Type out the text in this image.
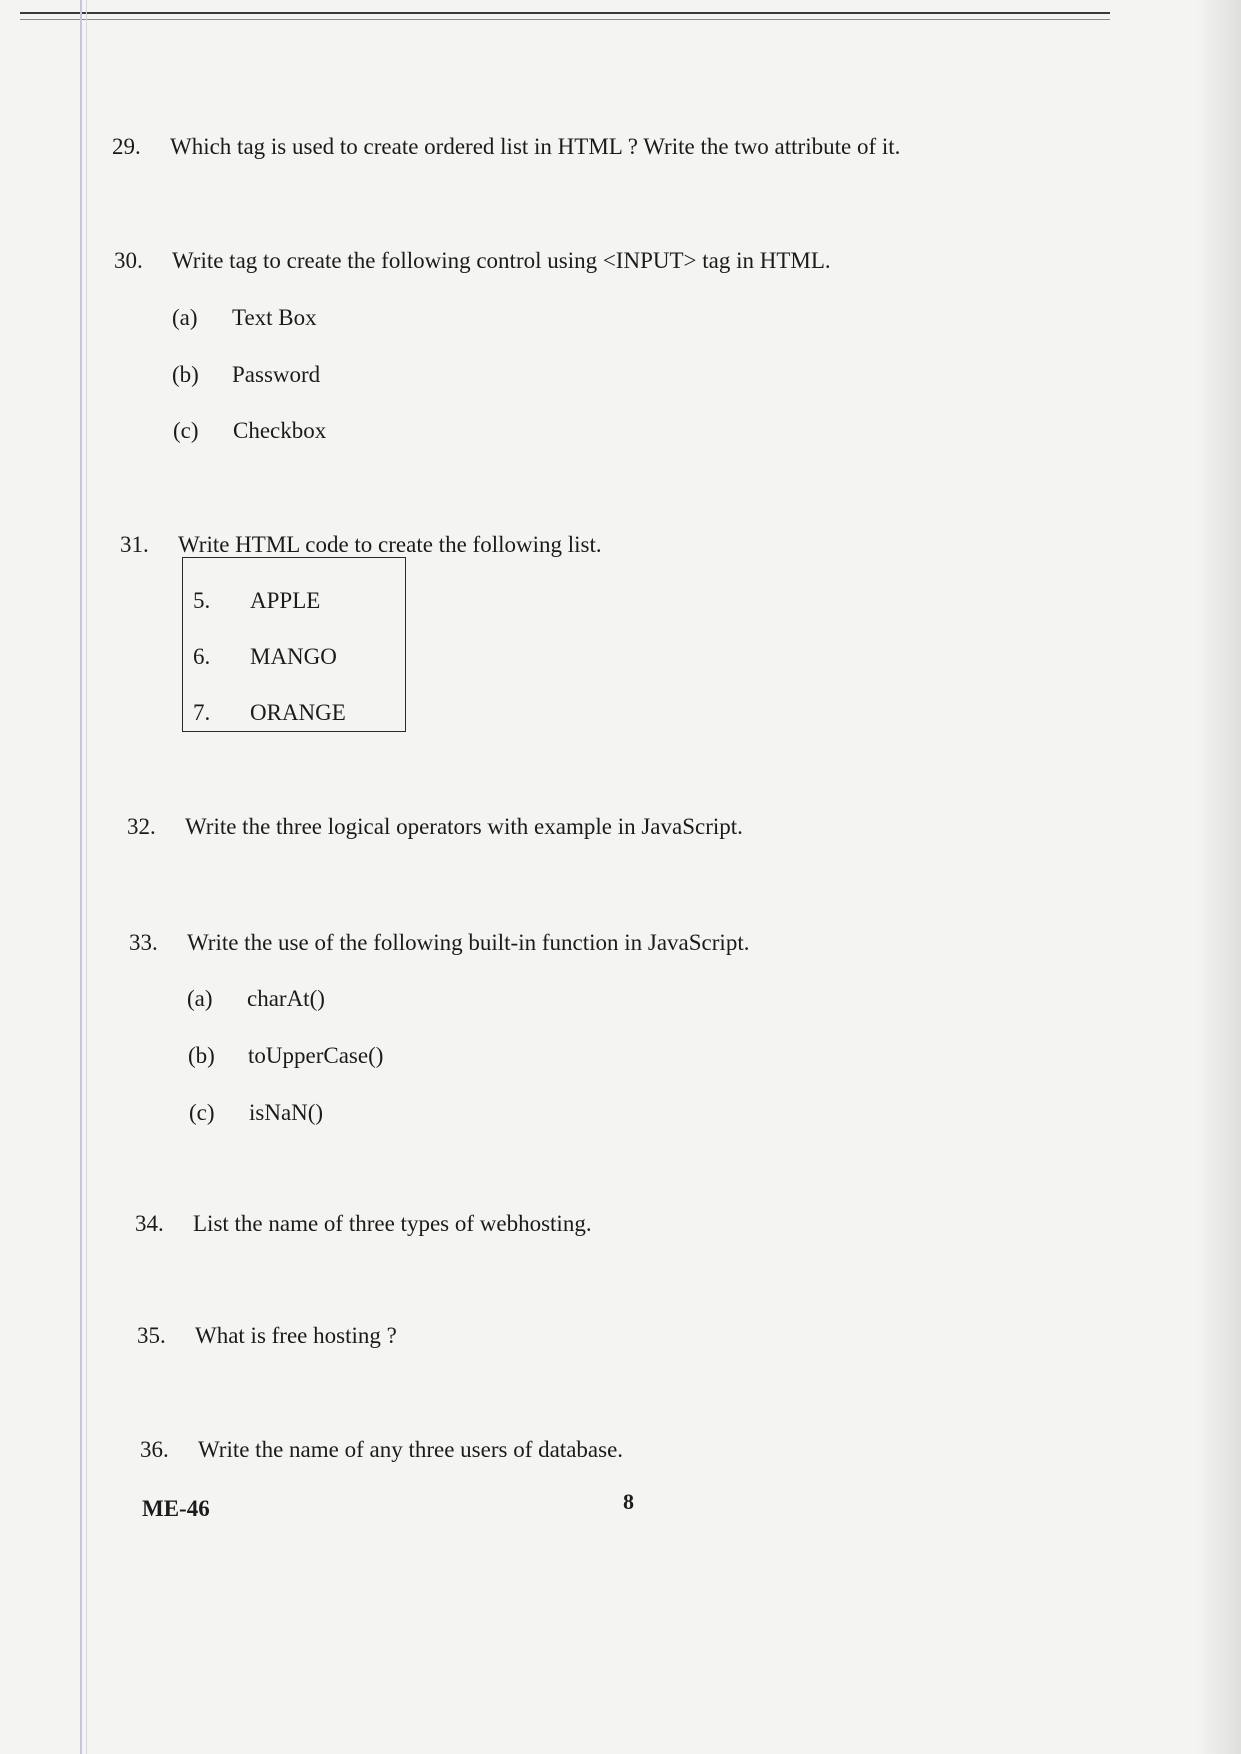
29. Which tag is used to create ordered list in HTML ? Write the two attribute of it.
30. Write tag to create the following control using <INPUT> tag in HTML.
(a) Text Box
(b) Password
(c) Checkbox
31. Write HTML code to create the following list.
5. APPLE
6. MANGO
7. ORANGE
32. Write the three logical operators with example in JavaScript.
33. Write the use of the following built-in function in JavaScript.
(a) charAt()
(b) toUpperCase()
(c) isNaN()
34. List the name of three types of webhosting.
35. What is free hosting ?
36. Write the name of any three users of database.
ME-46	8
